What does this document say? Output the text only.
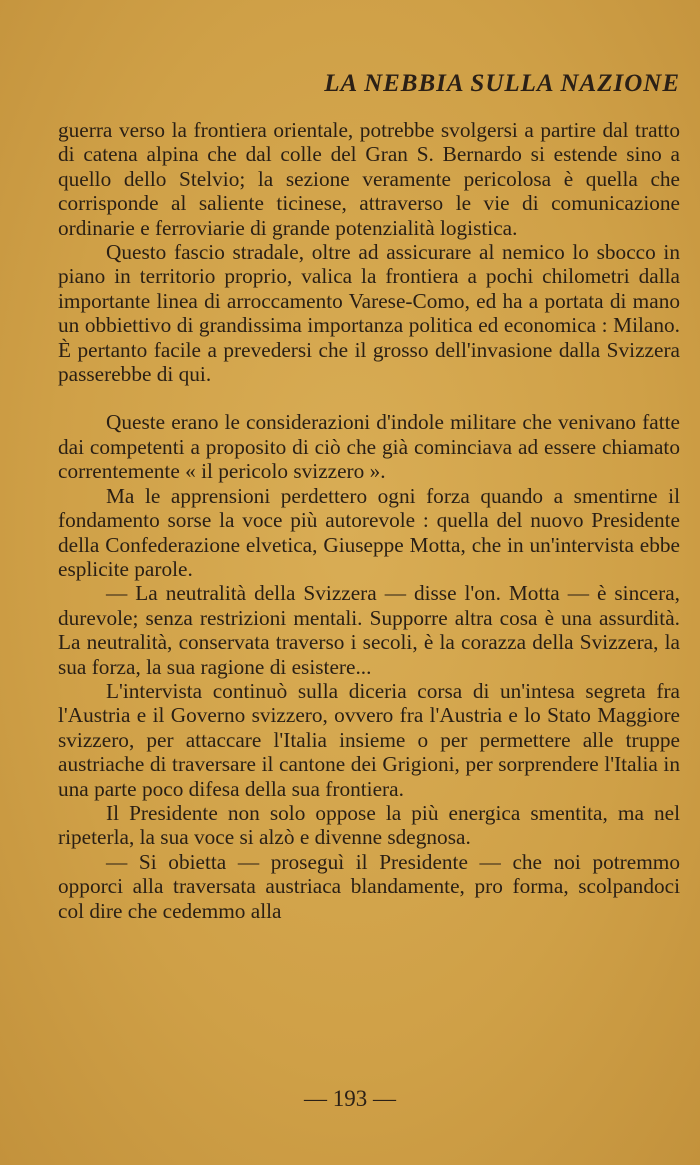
LA NEBBIA SULLA NAZIONE

guerra verso la frontiera orientale, potrebbe svolgersi a partire dal tratto di catena alpina che dal colle del Gran S. Bernardo si estende sino a quello dello Stelvio; la sezione veramente pericolosa è quella che corrisponde al saliente ticinese, attraverso le vie di comunicazione ordinarie e ferroviarie di grande potenzialità logistica.

Questo fascio stradale, oltre ad assicurare al nemico lo sbocco in piano in territorio proprio, valica la frontiera a pochi chilometri dalla importante linea di arroccamento Varese-Como, ed ha a portata di mano un obbiettivo di grandissima importanza politica ed economica : Milano. È pertanto facile a prevedersi che il grosso dell'invasione dalla Svizzera passerebbe di qui.

Queste erano le considerazioni d'indole militare che venivano fatte dai competenti a proposito di ciò che già cominciava ad essere chiamato correntemente « il pericolo svizzero ».

Ma le apprensioni perdettero ogni forza quando a smentirne il fondamento sorse la voce più autorevole : quella del nuovo Presidente della Confederazione elvetica, Giuseppe Motta, che in un'intervista ebbe esplicite parole.

— La neutralità della Svizzera — disse l'on. Motta — è sincera, durevole; senza restrizioni mentali. Supporre altra cosa è una assurdità. La neutralità, conservata traverso i secoli, è la corazza della Svizzera, la sua forza, la sua ragione di esistere...

L'intervista continuò sulla diceria corsa di un'intesa segreta fra l'Austria e il Governo svizzero, ovvero fra l'Austria e lo Stato Maggiore svizzero, per attaccare l'Italia insieme o per permettere alle truppe austriache di traversare il cantone dei Grigioni, per sorprendere l'Italia in una parte poco difesa della sua frontiera.

Il Presidente non solo oppose la più energica smentita, ma nel ripeterla, la sua voce si alzò e divenne sdegnosa.

— Si obietta — proseguì il Presidente — che noi potremmo opporci alla traversata austriaca blandamente, pro forma, scolpandoci col dire che cedemmo alla

— 193 —
